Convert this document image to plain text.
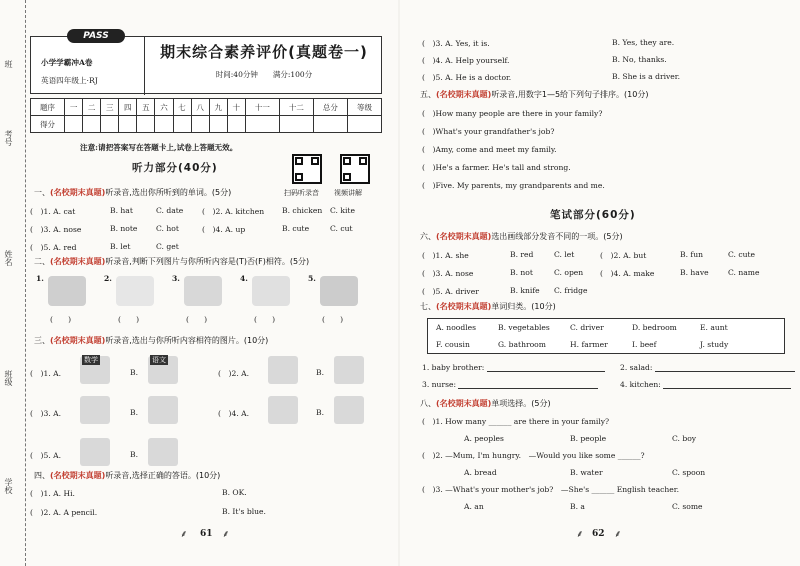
班
考号
姓名
班级
学校
PASS
小学学霸冲A卷
英语四年级上·RJ
期末综合素养评价(真题卷一)
时间:40分钟　　满分:100分
题序	一	二	三	四	五	六	七	八	九	十	十一	十二	总分	等级
得分														
注意:请把答案写在答题卡上,试卷上答题无效。
听力部分(40分)
扫码听录音 视频讲解
一、(名校期末真题)听录音,选出你所听到的单词。(5分)
二、(名校期末真题)听录音,判断下列图片与你所听内容是(T)否(F)相符。(5分)
三、(名校期末真题)听录音,选出与你所听内容相符的图片。(10分)
四、(名校期末真题)听录音,选择正确的答语。(10分)
(　)1. A. Hi.	B. OK.
(　)2. A. A pencil.	B. It's blue.
61
⸙	⸙
(　)1. A. cat	B. hat	C. date (　)2. A. kitchen B. chicken C. kite
(　)3. A. nose	B. note C. hot	(　)4. A. up	B. cute	C. cut
(　)5. A. red	B. let	C. get
1.
(　　)
2.
(　　)
3.
(　　)
4.
(　　)
5.
(　　)
(　)1. A.	B.	(　)2. A.	B.
(　)3. A.	B.	(　)4. A.	B.
(　)5. A.	B.
数学	语文
(　)3. A. Yes, it is.	B. Yes, they are.
(　)4. A. Help yourself.	B. No, thanks.
(　)5. A. He is a doctor.	B. She is a driver.
五、(名校期末真题)听录音,用数字1—5给下列句子排序。(10分)
(　)How many people are there in your family?
(　)What's your grandfather's job?
(　)Amy, come and meet my family.
(　)He's a farmer. He's tall and strong.
(　)Five. My parents, my grandparents and me.
笔试部分(60分)
六、(名校期末真题)选出画线部分发音不同的一项。(5分)
七、(名校期末真题)单词归类。(10分)
1. baby brother:	2. salad:
3. nurse:	4. kitchen:
八、(名校期末真题)单项选择。(5分)
62
⸙	⸙
(　)1. A. she	B. red	C. let	(　)2. A. but	B. fun	C. cute
(　)3. A. nose	B. not	C. open (　)4. A. make	B. have	C. name
(　)5. A. driver	B. knife C. fridge
A. noodles	B. vegetables	C. driver	D. bedroom	E. aunt
F. cousin	G. bathroom	H. farmer	I. beef	J. study
(　)1. How many ______ are there in your family?
A. peoples	B. people	C. boy
(　)2. —Mum, I'm hungry.　—Would you like some ______?
A. bread	B. water	C. spoon
(　)3. —What's your mother's job?　—She's ______ English teacher.
A. an	B. a	C. some
